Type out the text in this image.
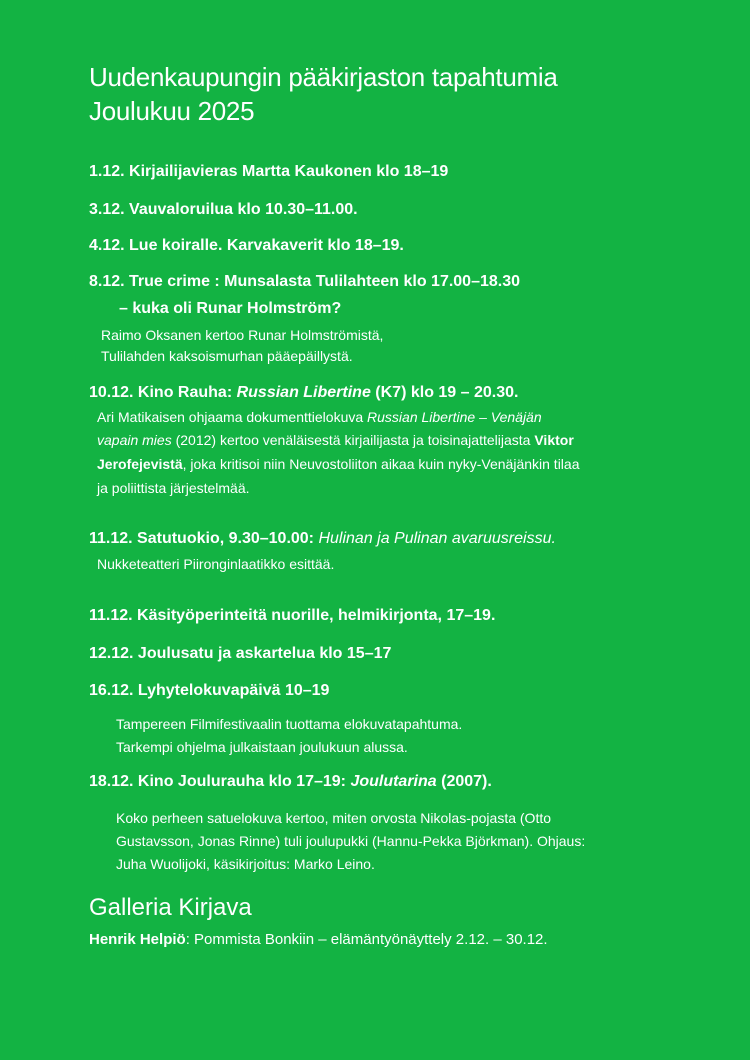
Uudenkaupungin pääkirjaston tapahtumia
Joulukuu 2025
1.12. Kirjailijavieras Martta Kaukonen klo 18–19
3.12. Vauvaloruilua klo 10.30–11.00.
4.12. Lue koiralle. Karvakaverit klo 18–19.
8.12. True crime : Munsalasta Tulilahteen klo 17.00–18.30
– kuka oli Runar Holmström?
Raimo Oksanen kertoo Runar Holmströmistä,
Tulilahden kaksoismurhan pääepäillystä.
10.12. Kino Rauha: Russian Libertine (K7) klo 19 – 20.30.
Ari Matikaisen ohjaama dokumenttielokuva Russian Libertine – Venäjän
vapain mies (2012) kertoo venäläisestä kirjailijasta ja toisinajattelijasta Viktor
Jerofejevistä, joka kritisoi niin Neuvostoliiton aikaa kuin nyky-Venäjänkin tilaa
ja poliittista järjestelmää.
11.12. Satutuokio, 9.30–10.00: Hulinan ja Pulinan avaruusreissu.
Nukketeatteri Piironginlaatikko esittää.
11.12. Käsityöperinteitä nuorille, helmikirjonta, 17–19.
12.12. Joulusatu ja askartelua klo 15–17
16.12. Lyhytelokuvapäivä 10–19
Tampereen Filmifestivaalin tuottama elokuvatapahtuma.
Tarkempi ohjelma julkaistaan joulukuun alussa.
18.12. Kino Joulurauha klo 17–19: Joulutarina (2007).
Koko perheen satuelokuva kertoo, miten orvosta Nikolas-pojasta (Otto
Gustavsson, Jonas Rinne) tuli joulupukki (Hannu-Pekka Björkman). Ohjaus:
Juha Wuolijoki, käsikirjoitus: Marko Leino.
Galleria Kirjava
Henrik Helpiö: Pommista Bonkiin – elämäntyönäyttely 2.12. – 30.12.
